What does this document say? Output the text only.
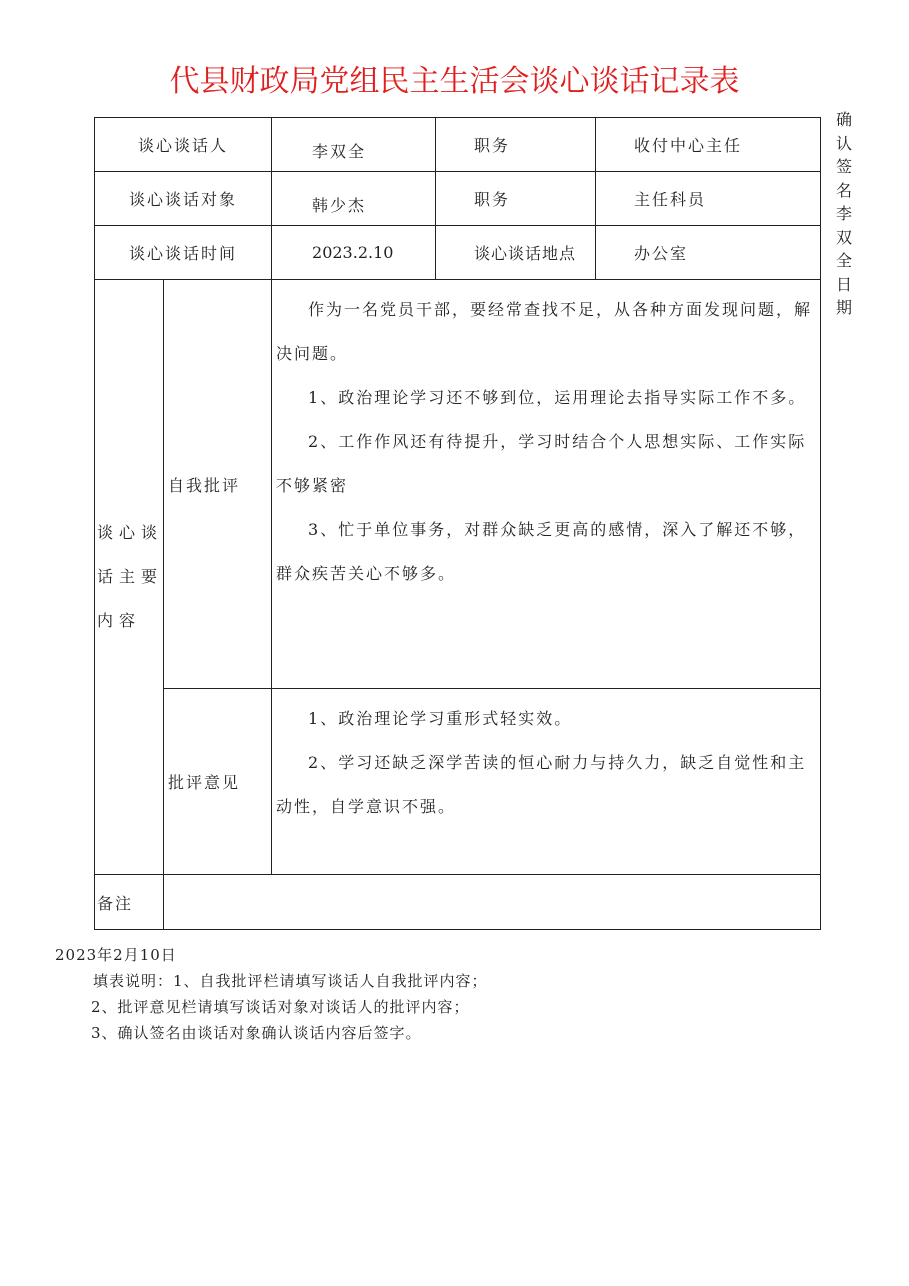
代县财政局党组民主生活会谈心谈话记录表
确
认
签
名
李
双
全
日
期
谈心谈话人		李双全	职务	收付中心主任
谈心谈话对象		韩少杰	职务	主任科员
谈心谈话时间		2023.2.10	谈心谈话地点	办公室

谈心谈话主要内容	自我批评	作为一名党员干部，要经常查找不足，从各种方面发现问题，解决问题。

1、政治理论学习还不够到位，运用理论去指导实际工作不多。

2、工作作风还有待提升，学习时结合个人思想实际、工作实际不够紧密

3、忙于单位事务，对群众缺乏更高的感情，深入了解还不够，群众疾苦关心不够多。		

	批评意见	1、政治理论学习重形式轻实效。

2、学习还缺乏深学苦读的恒心耐力与持久力，缺乏自觉性和主动性，自学意识不强。		

备注				
2023年2月10日
填表说明：1、自我批评栏请填写谈话人自我批评内容；
2、批评意见栏请填写谈话对象对谈话人的批评内容；
3、确认签名由谈话对象确认谈话内容后签字。
